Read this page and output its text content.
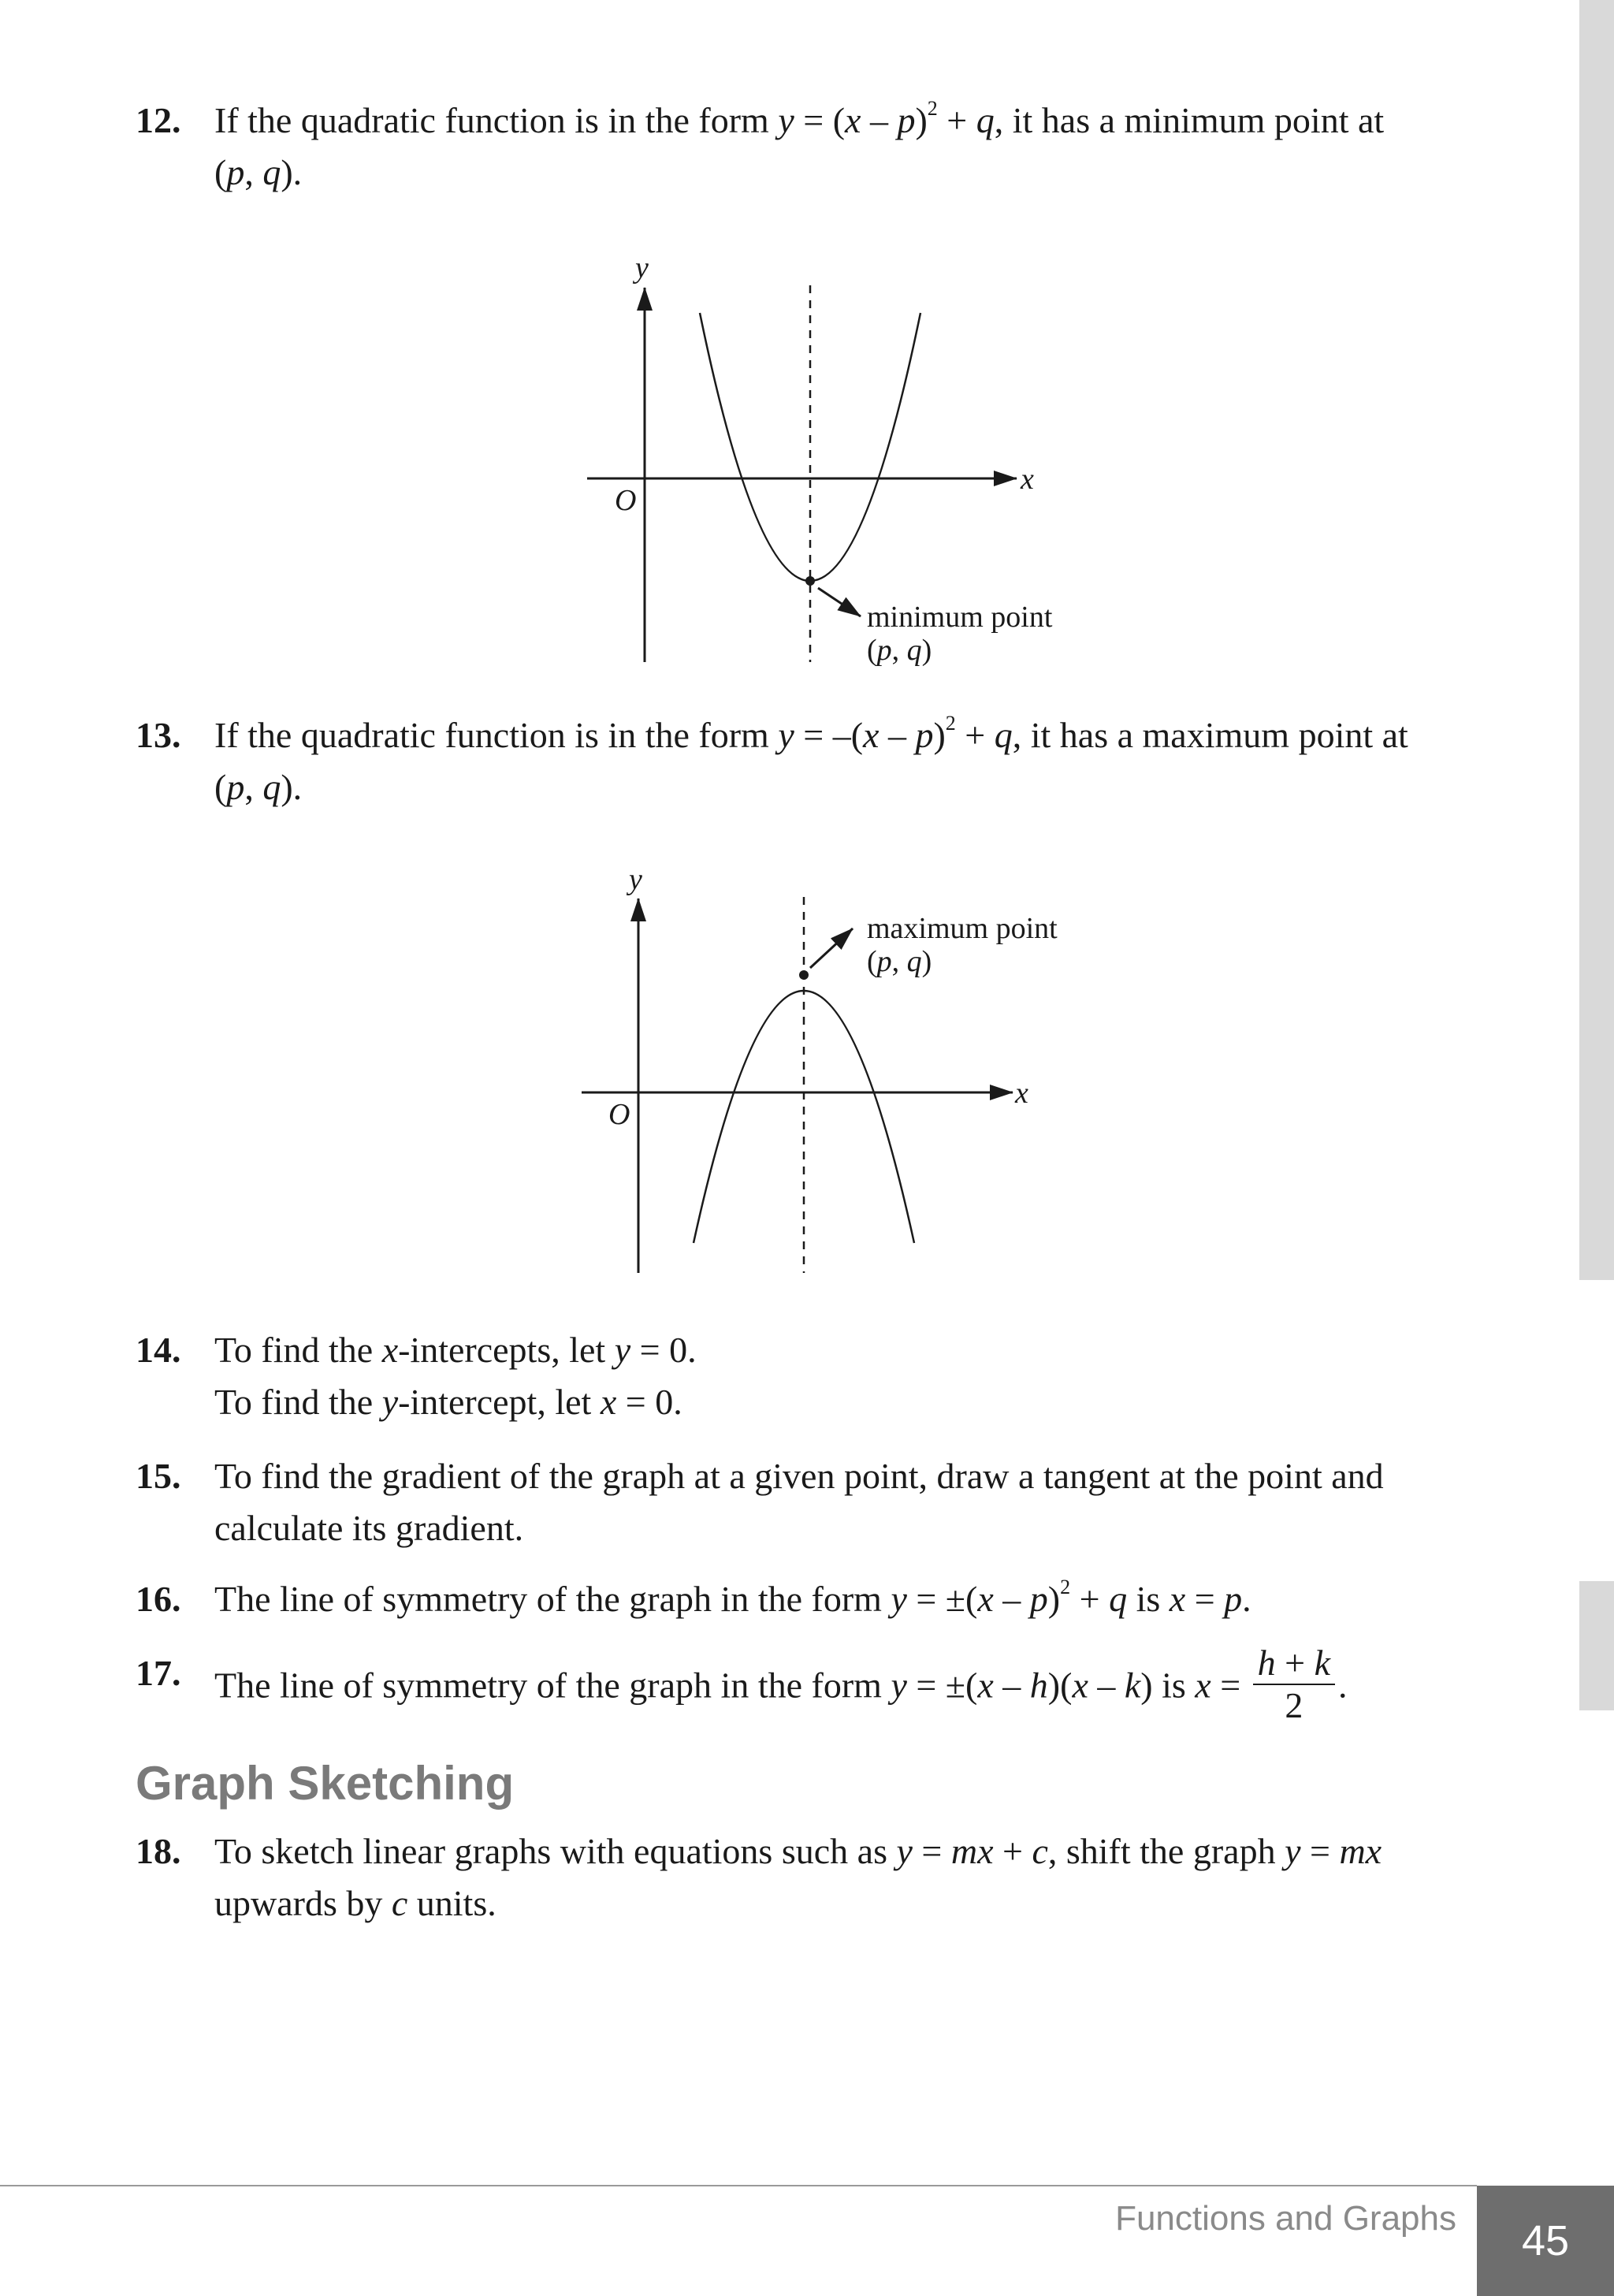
12. If the quadratic function is in the form y = (x – p)$^2$ + q, it has a minimum point at
(p, q).
y
x
O
minimum point
(p, q)
13. If the quadratic function is in the form y = –(x – p)$^2$ + q, it has a maximum point at
(p, q).
y
x
O
maximum point
(p, q)
14. To find the x-intercepts, let y = 0.
To find the y-intercept, let x = 0.
15. To find the gradient of the graph at a given point, draw a tangent at the point and
calculate its gradient.
16. The line of symmetry of the graph in the form y = ±(x – p)$^2$ + q is x = p.
17. The line of symmetry of the graph in the form y = ±(x – h)(x – k) is $x = \frac{h + k}{2}$ .
Graph Sketching
18. To sketch linear graphs with equations such as y = mx + c, shift the graph y = mx
upwards by c units.
Functions and Graphs	45
